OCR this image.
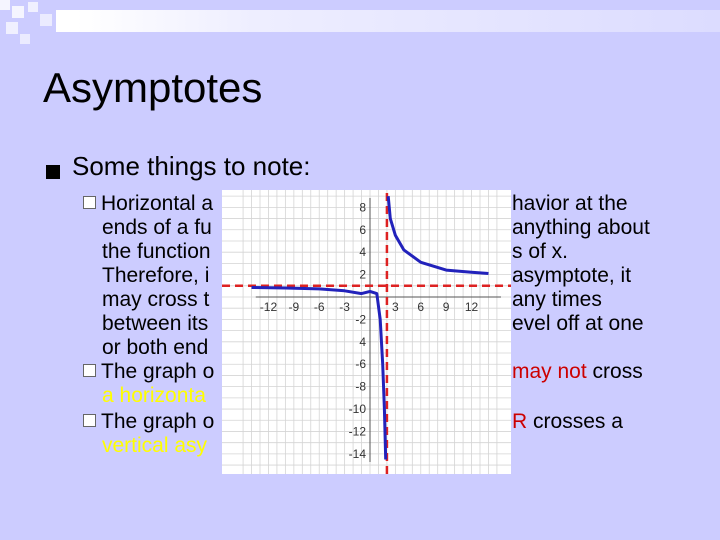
Asymptotes
Some things to note:
Horizontal a
ends of a fu
the function
Therefore, i
may cross t
between its
or both end
havior at the
anything about
s of x.
asymptote, it
any times
evel off at one
The graph o	may not cross
a horizonta
The graph o	R crosses a
vertical asy
-12 -9 -6 -3	3 6 9 12
8
6
4
2
-2
4
-6
-8
-10
-12
-14
